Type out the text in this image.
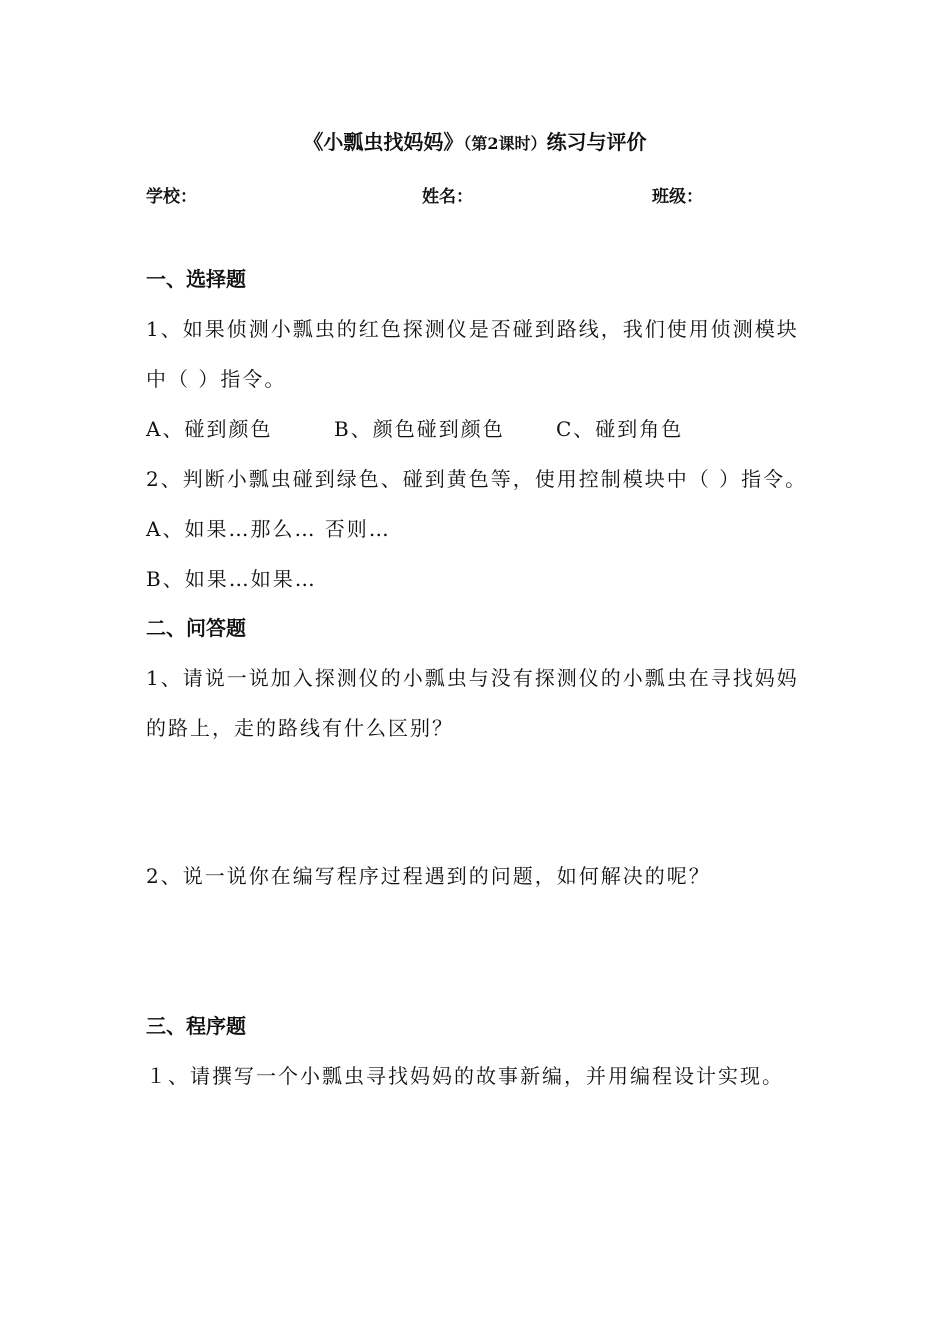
《小瓢虫找妈妈》（第2课时）练习与评价
学校：	姓名：	班级：
一、选择题
1、如果侦测小瓢虫的红色探测仪是否碰到路线，我们使用侦测模块
中（ ）指令。
A、碰到颜色	B、颜色碰到颜色	C、碰到角色
2、判断小瓢虫碰到绿色、碰到黄色等，使用控制模块中（ ）指令。
A、如果…那么… 否则…
B、如果…如果…
二、问答题
1、请说一说加入探测仪的小瓢虫与没有探测仪的小瓢虫在寻找妈妈
的路上，走的路线有什么区别？
2、说一说你在编写程序过程遇到的问题，如何解决的呢？
三、程序题
１、请撰写一个小瓢虫寻找妈妈的故事新编，并用编程设计实现。
